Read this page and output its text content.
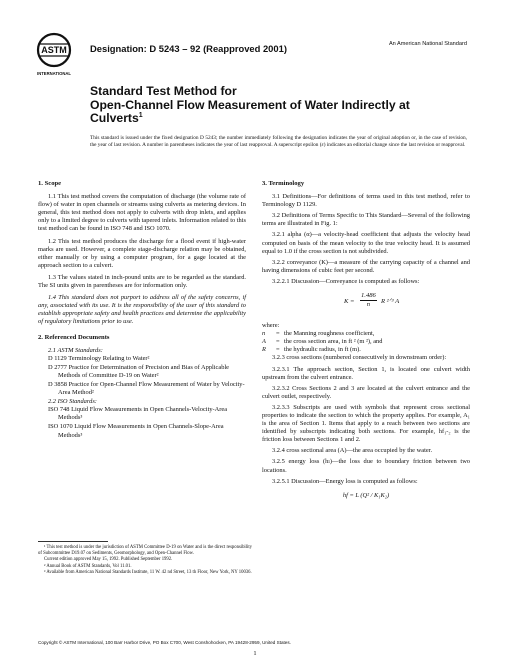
ASTM
INTERNATIONAL
Designation: D 5243 – 92 (Reapproved 2001)	An American National Standard
Standard Test Method for
Open-Channel Flow Measurement of Water Indirectly at
Culverts$^1$
This standard is issued under the fixed designation D 5243; the number immediately following the designation indicates the year of original adoption or, in the case of revision, the year of last revision. A number in parentheses indicates the year of last reapproval. A superscript epsilon (ε) indicates an editorial change since the last revision or reapproval.
1. Scope

1.1 This test method covers the computation of discharge (the volume rate of flow) of water in open channels or streams using culverts as metering devices. In general, this test method does not apply to culverts with drop inlets, and applies only to a limited degree to culverts with tapered inlets. Information related to this test method can be found in ISO 748 and ISO 1070.

1.2 This test method produces the discharge for a flood event if high-water marks are used. However, a complete stage-discharge relation may be obtained, either manually or by using a computer program, for a gage located at the approach section to a culvert.

1.3 The values stated in inch-pound units are to be regarded as the standard. The SI units given in parentheses are for information only.

1.4 This standard does not purport to address all of the safety concerns, if any, associated with its use. It is the responsibility of the user of this standard to establish appropriate safety and health practices and determine the applicability of regulatory limitations prior to use.

2. Referenced Documents

2.1 ASTM Standards:

D 1129 Terminology Relating to Water²

D 2777 Practice for Determination of Precision and Bias of Applicable Methods of Committee D-19 on Water²

D 3858 Practice for Open-Channel Flow Measurement of Water by Velocity-Area Method²

2.2 ISO Standards:

ISO 748 Liquid Flow Measurements in Open Channels-Velocity-Area Methods³

ISO 1070 Liquid Flow Measurements in Open Channels-Slope-Area Methods³

3. Terminology

3.1 Definitions—For definitions of terms used in this test method, refer to Terminology D 1129.

3.2 Definitions of Terms Specific to This Standard—Several of the following terms are illustrated in Fig. 1:

3.2.1 alpha (α)—a velocity-head coefficient that adjusts the velocity head computed on basis of the mean velocity to the true velocity head. It is assumed equal to 1.0 if the cross section is not subdivided.

3.2.2 conveyance (K)—a measure of the carrying capacity of a channel and having dimensions of cubic feet per second.

3.2.2.1 Discussion—Conveyance is computed as follows:

$K = \frac{1.486}{n}$ R ²ᐟ³ A

where:

n	= the Manning roughness coefficient,
A	= the cross section area, in ft ² (m ²), and
R	= the hydraulic radius, in ft (m).

3.2.3 cross sections (numbered consecutively in downstream order):

3.2.3.1 The approach section, Section 1, is located one culvert width upstream from the culvert entrance.

3.2.3.2 Cross Sections 2 and 3 are located at the culvert entrance and the culvert outlet, respectively.

3.2.3.3 Subscripts are used with symbols that represent cross sectional properties to indicate the section to which the property applies. For example, A₁ is the area of Section 1. Items that apply to a reach between two sections are identified by subscripts indicating both sections. For example, hf₁-₂ is the friction loss between Sections 1 and 2.

3.2.4 cross sectional area (A)—the area occupied by the water.

3.2.5 energy loss (hₗ)—the loss due to boundary friction between two locations.

3.2.5.1 Discussion—Energy loss is computed as follows:

hf = L (Q² / K₁K₂)

¹ This test method is under the jurisdiction of ASTM Committee D-19 on Water and is the direct responsibility of Subcommittee D19.07 on Sediments, Geomorphology, and Open-Channel Flow.

Current edition approved May 15, 1992. Published September 1992.

² Annual Book of ASTM Standards, Vol 11.01.

³ Available from American National Standards Institute, 11 W. 42 nd Street, 13 th Floor, New York, NY 10036.

Copyright © ASTM International, 100 Barr Harbor Drive, PO Box C700, West Conshohocken, PA 19428-2959, United States.
1
